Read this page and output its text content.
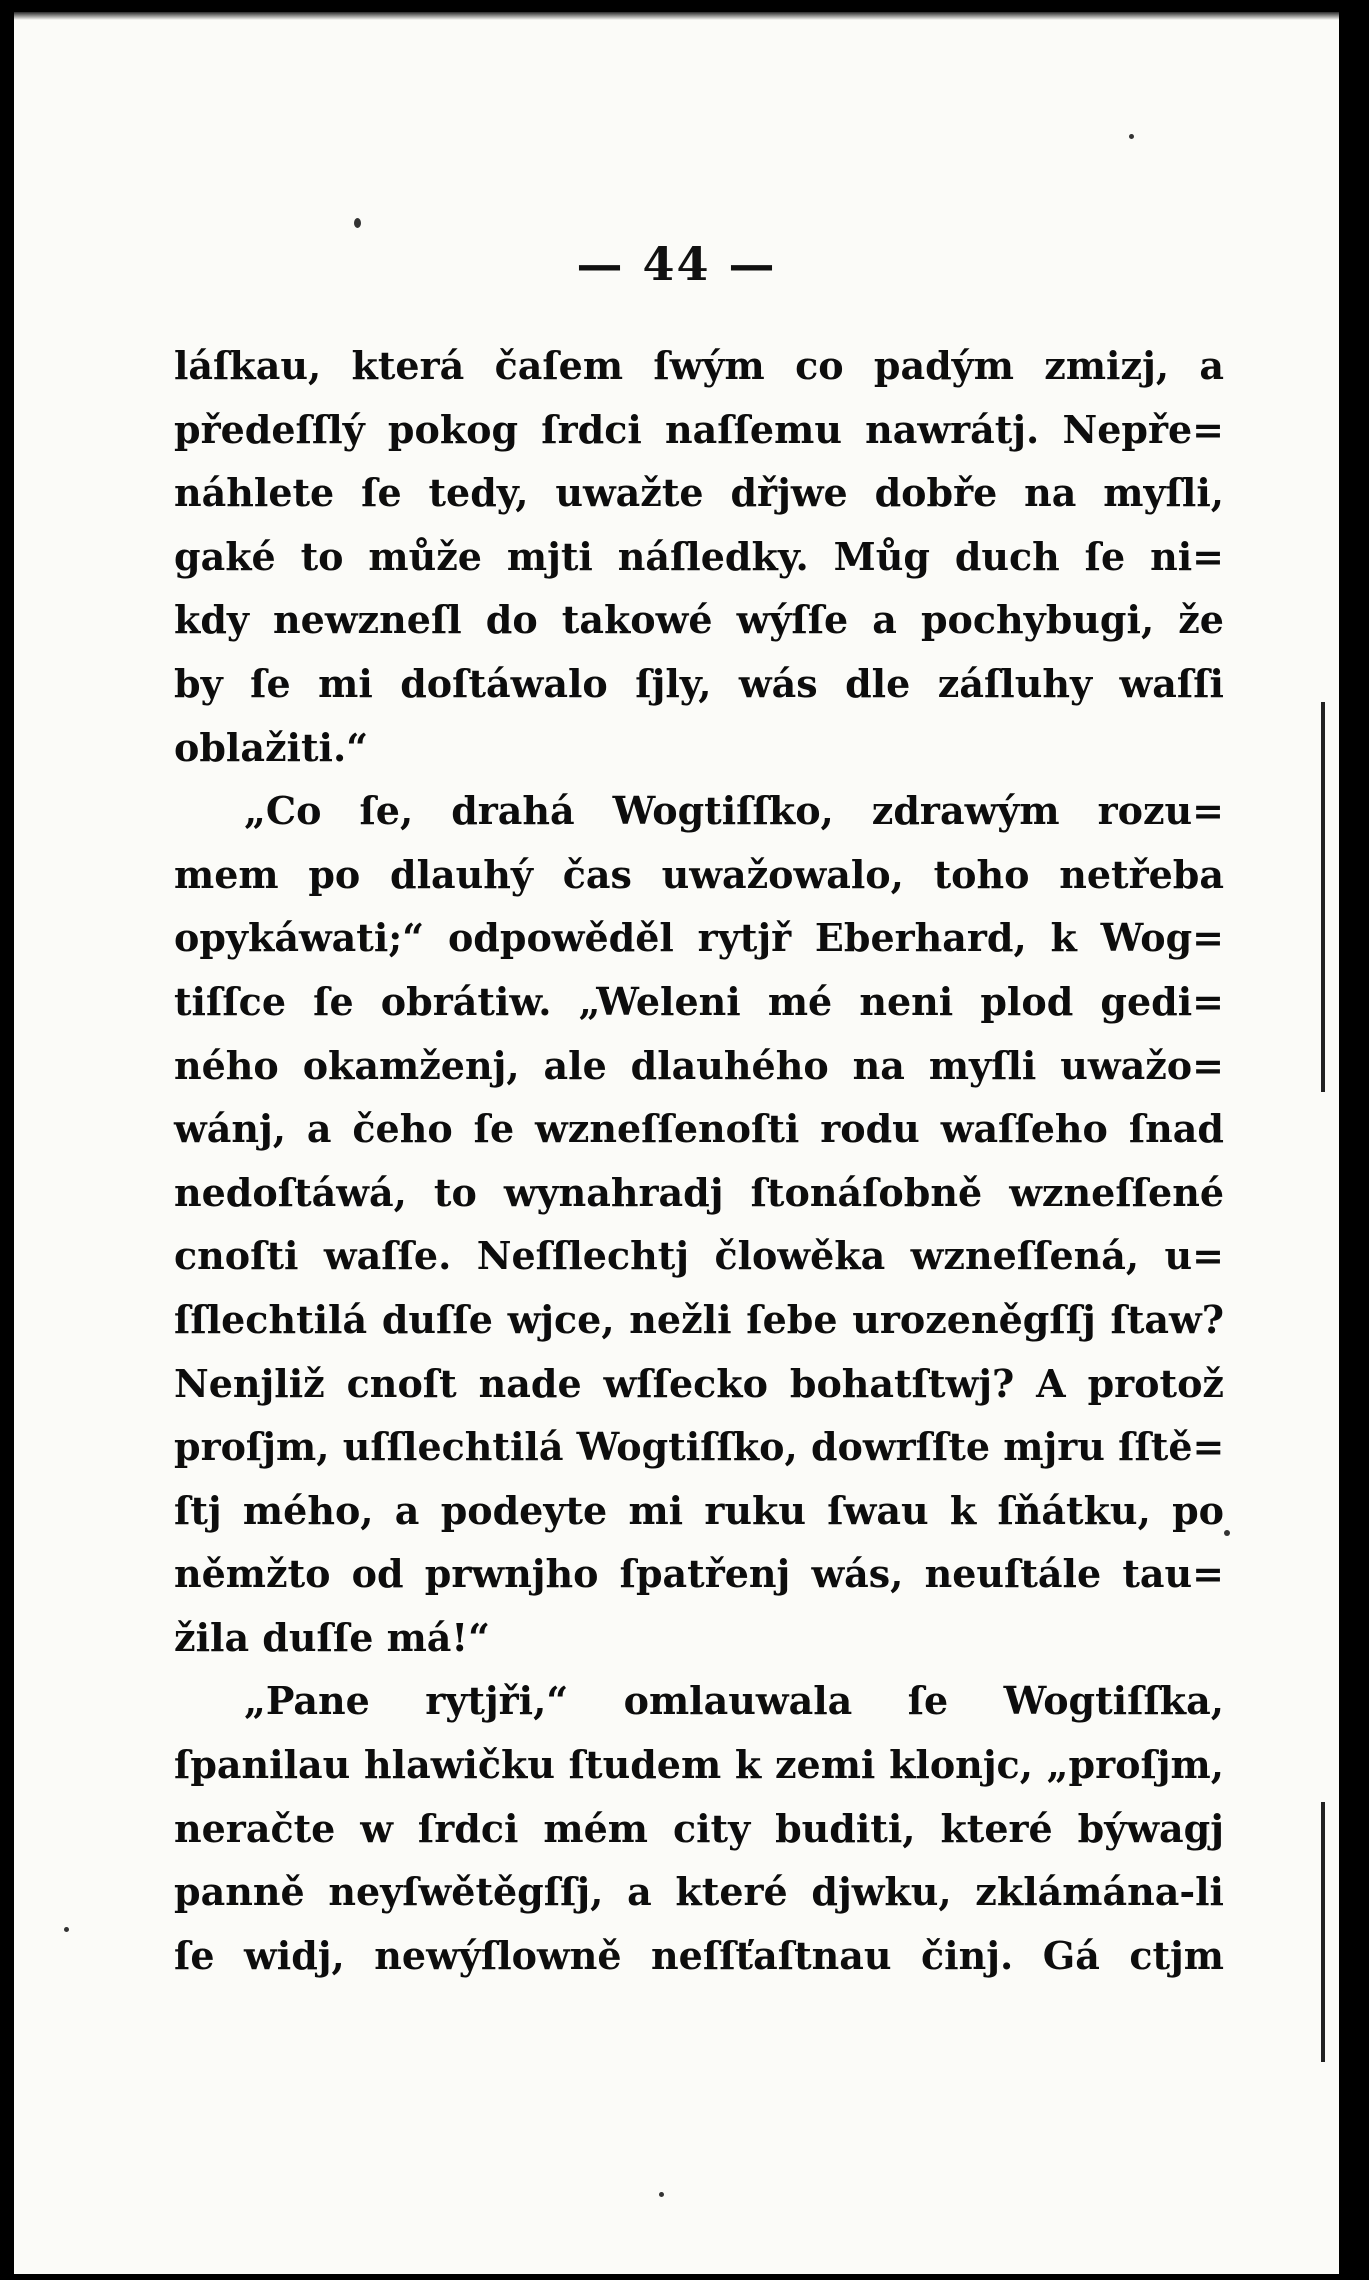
— 44 —
láſkau, která čaſem ſwým co padým zmizj, a
předeſſlý pokog ſrdci naſſemu nawrátj. Nepře=
náhlete ſe tedy, uwažte dřjwe dobře na myſli,
gaké to může mjti náſledky. Můg duch ſe ni=
kdy newzneſl do takowé wýſſe a pochybugi, že
by ſe mi doſtáwalo ſjly, wás dle záſluhy waſſi
oblažiti.“
„Co ſe, drahá Wogtiſſko, zdrawým rozu=
mem po dlauhý čas uwažowalo, toho netřeba
opykáwati;“ odpowěděl rytjř Eberhard, k Wog=
tiſſce ſe obrátiw. „Weleni mé neni plod gedi=
ného okamženj, ale dlauhého na myſli uwažo=
wánj, a čeho ſe wzneſſenoſti rodu waſſeho ſnad
nedoſtáwá, to wynahradj ſtonáſobně wzneſſené
cnoſti waſſe. Neſſlechtj člowěka wzneſſená, u=
ſſlechtilá duſſe wjce, nežli ſebe urozeněgſſj ſtaw?
Nenjliž cnoſt nade wſſecko bohatſtwj? A protož
proſjm, uſſlechtilá Wogtiſſko, dowrſſte mjru ſſtě=
ſtj mého, a podeyte mi ruku ſwau k ſňátku, po
němžto od prwnjho ſpatřenj wás, neuſtále tau=
žila duſſe má!“
„Pane rytjři,“ omlauwala ſe Wogtiſſka,
ſpanilau hlawičku ſtudem k zemi klonjc, „proſjm,
neračte w ſrdci mém city buditi, které býwagj
panně neyſwětěgſſj, a které djwku, zklámána-li
ſe widj, newýſlowně neſſťaſtnau činj. Gá ctjm
